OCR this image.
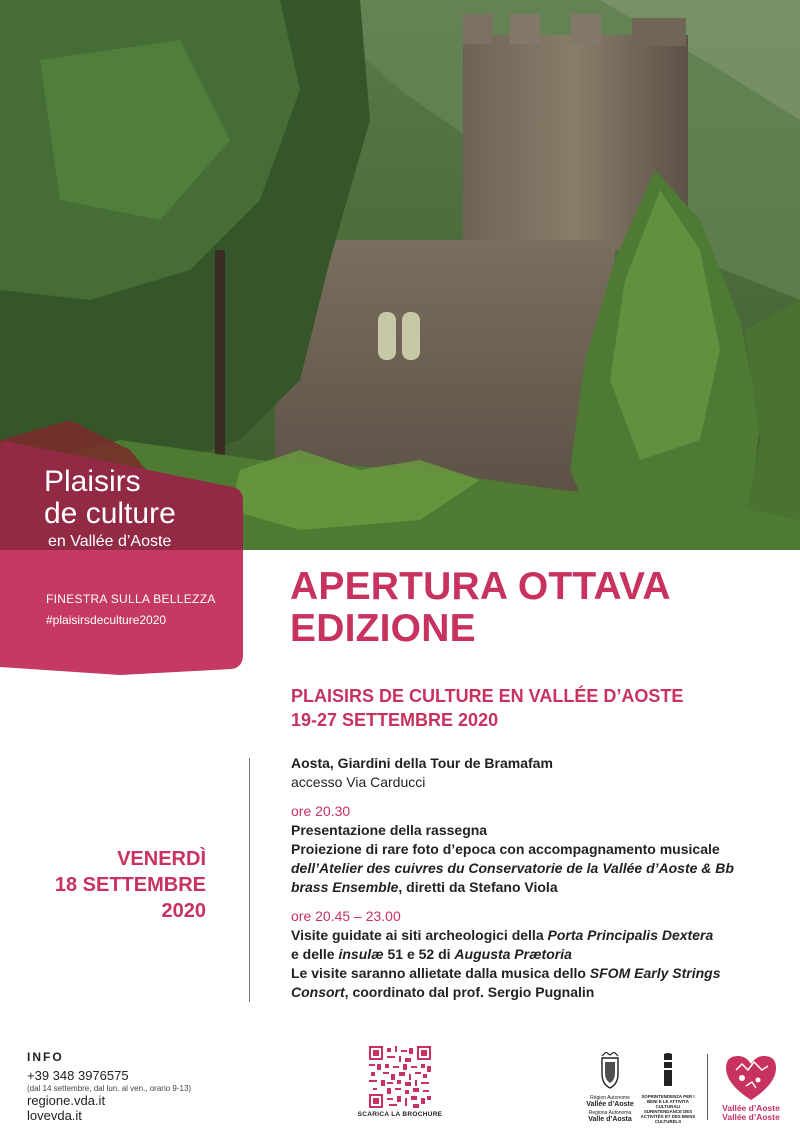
Plaisirs
de culture
en Vallée d’Aoste
FINESTRA SULLA BELLEZZA
#plaisirsdeculture2020
APERTURA OTTAVA
EDIZIONE
PLAISIRS DE CULTURE EN VALLÉE D’AOSTE
19-27 SETTEMBRE 2020
VENERDÌ
18 SETTEMBRE
2020
Aosta, Giardini della Tour de Bramafam
accesso Via Carducci
ore 20.30
Presentazione della rassegna
Proiezione di rare foto d’epoca con accompagnamento musicale
dell’Atelier des cuivres du Conservatorie de la Vallée d’Aoste & Bb
brass Ensemble, diretti da Stefano Viola
ore 20.45 – 23.00
Visite guidate ai siti archeologici della Porta Principalis Dextera
e delle insulæ 51 e 52 di Augusta Prætoria
Le visite saranno allietate dalla musica dello SFOM Early Strings
Consort, coordinato dal prof. Sergio Pugnalin
INFO
+39 348 3976575
(dal 14 settembre, dal lun. al ven., orario 9-13)
regione.vda.it
lovevda.it	SCARICA LA BROCHURE
Région Autonome
Vallée d’Aoste
Regione Autonoma
Valle d’Aosta
SOPRINTENDENZA PER I BENI E LE ATTIVITÀ CULTURALI SURINTENDANCE DES ACTIVITÉS ET DES BIENS CULTURELS
Vallée d’Aoste
Vallée d’Aoste
